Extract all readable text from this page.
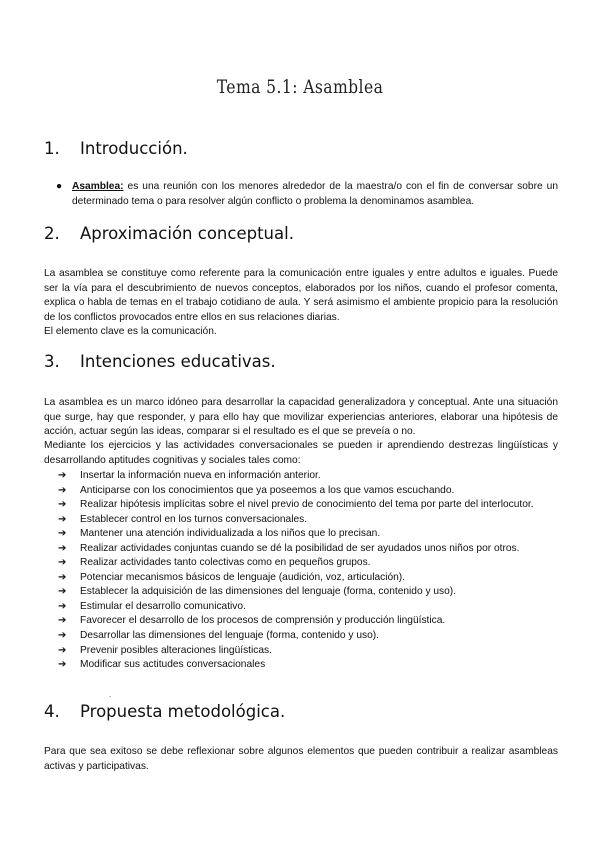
Tema 5.1: Asamblea
1. Introducción.
● Asamblea: es una reunión con los menores alrededor de la maestra/o con el fin de conversar sobre un determinado tema o para resolver algún conflicto o problema la denominamos asamblea.
2. Aproximación conceptual.
La asamblea se constituye como referente para la comunicación entre iguales y entre adultos e iguales. Puede ser la vía para el descubrimiento de nuevos conceptos, elaborados por los niños, cuando el profesor comenta, explica o habla de temas en el trabajo cotidiano de aula. Y será asimismo el ambiente propicio para la resolución de los conflictos provocados entre ellos en sus relaciones diarias.
El elemento clave es la comunicación.
3. Intenciones educativas.
La asamblea es un marco idóneo para desarrollar la capacidad generalizadora y conceptual. Ante una situación que surge, hay que responder, y para ello hay que movilizar experiencias anteriores, elaborar una hipótesis de acción, actuar según las ideas, comparar si el resultado es el que se preveía o no.
Mediante los ejercicios y las actividades conversacionales se pueden ir aprendiendo destrezas lingüísticas y desarrollando aptitudes cognitivas y sociales tales como:
➔ Insertar la información nueva en información anterior.
➔ Anticiparse con los conocimientos que ya poseemos a los que vamos escuchando.
➔ Realizar hipótesis implícitas sobre el nivel previo de conocimiento del tema por parte del interlocutor.
➔ Establecer control en los turnos conversacionales.
➔ Mantener una atención individualizada a los niños que lo precisan.
➔ Realizar actividades conjuntas cuando se dé la posibilidad de ser ayudados unos niños por otros.
➔ Realizar actividades tanto colectivas como en pequeños grupos.
➔ Potenciar mecanismos básicos de lenguaje (audición, voz, articulación).
➔ Establecer la adquisición de las dimensiones del lenguaje (forma, contenido y uso).
➔ Estimular el desarrollo comunicativo.
➔ Favorecer el desarrollo de los procesos de comprensión y producción lingüística.
➔ Desarrollar las dimensiones del lenguaje (forma, contenido y uso).
➔ Prevenir posibles alteraciones lingüísticas.
➔ Modificar sus actitudes conversacionales
.
4. Propuesta metodológica.
Para que sea exitoso se debe reflexionar sobre algunos elementos que pueden contribuir a realizar asambleas activas y participativas.
